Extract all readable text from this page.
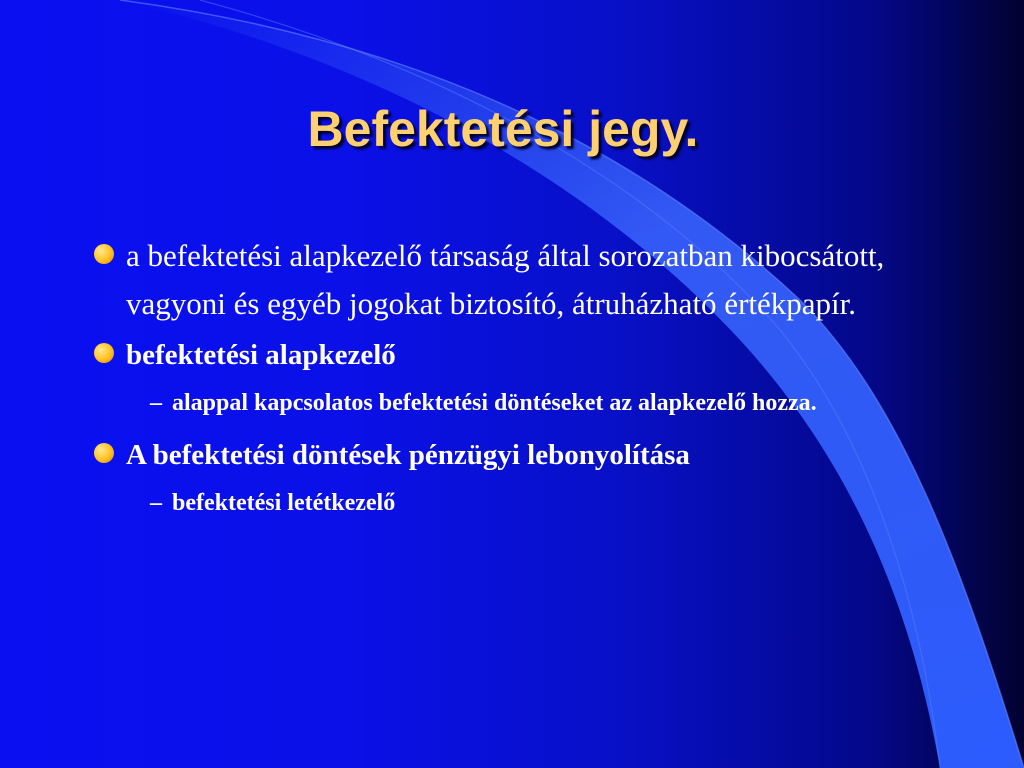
Befektetési jegy.
a befektetési alapkezelő társaság által sorozatban kibocsátott, vagyoni és egyéb jogokat biztosító, átruházható értékpapír.
befektetési alapkezelő
– alappal kapcsolatos befektetési döntéseket az alapkezelő hozza.
A befektetési döntések pénzügyi lebonyolítása
– befektetési letétkezelő
